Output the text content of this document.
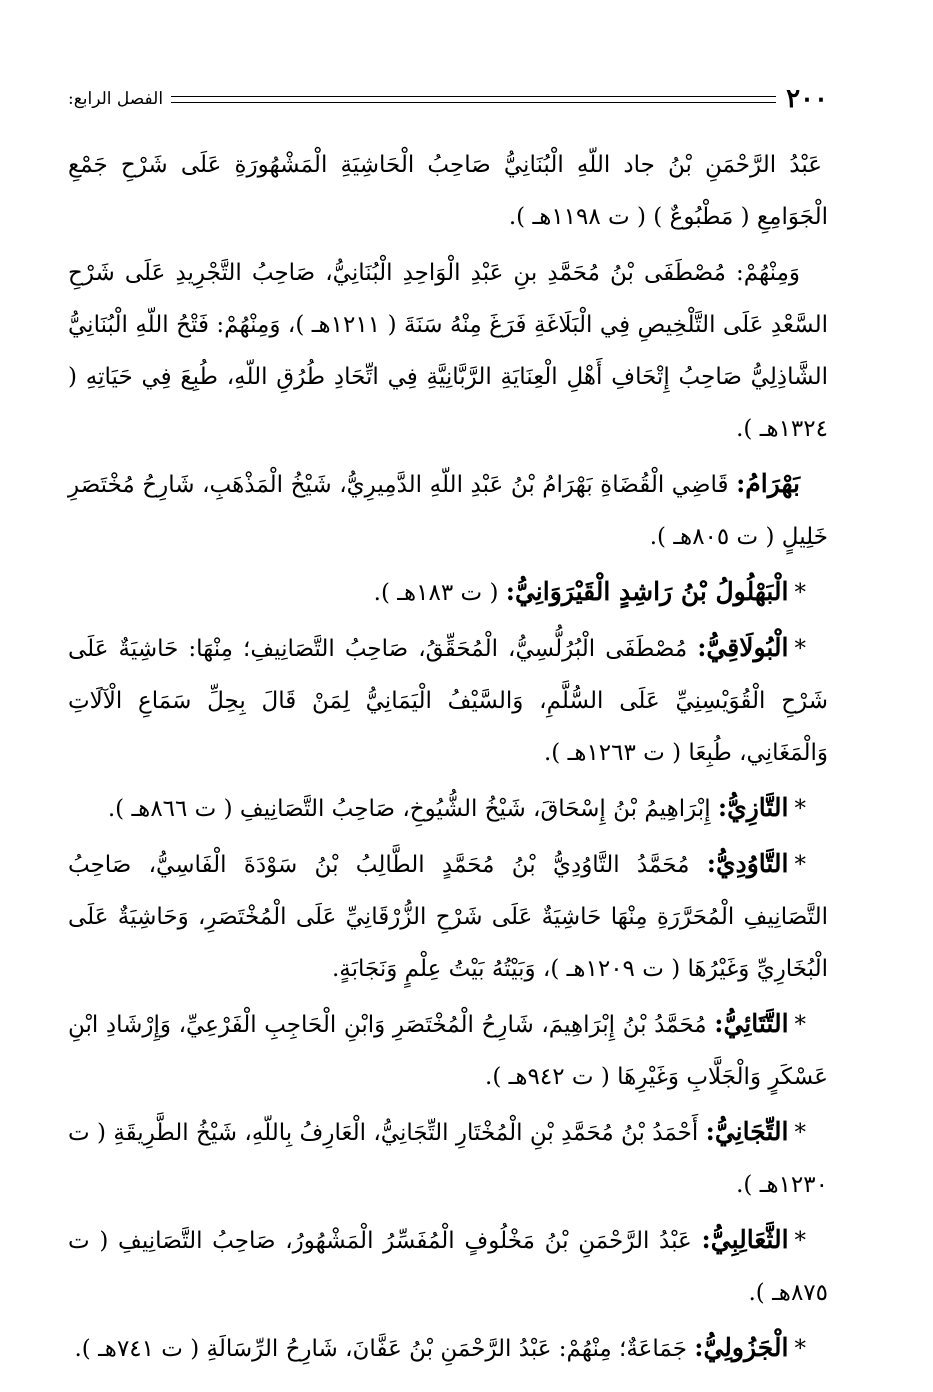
٢٠٠
الفصل الرابع:

عَبْدُ الرَّحْمَنِ بْنُ جاد اللّهِ الْبُنَانِيُّ صَاحِبُ الْحَاشِيَةِ الْمَشْهُورَةِ عَلَى شَرْحِ جَمْعِ الْجَوَامِعِ ( مَطْبُوعٌ ) ( ت ١١٩٨هـ ).

وَمِنْهُمْ: مُصْطَفَى بْنُ مُحَمَّدِ بنِ عَبْدِ الْوَاحِدِ الْبُنَانِيُّ، صَاحِبُ التَّجْرِيدِ عَلَى شَرْحِ السَّعْدِ عَلَى التَّلْخِيصِ فِي الْبَلَاغَةِ فَرَغَ مِنْهُ سَنَةَ ( ١٢١١هـ )، وَمِنْهُمْ: فَتْحُ اللّهِ الْبُنَانِيُّ الشَّاذِلِيُّ صَاحِبُ إِتْحَافِ أَهْلِ الْعِنَايَةِ الرَّبَّانِيَّةِ فِي اتِّحَادِ طُرُقِ اللّهِ، طُبِعَ فِي حَيَاتِهِ ( ١٣٢٤هـ ).

بَهْرَامُ: قَاضِي الْقُضَاةِ بَهْرَامُ بْنُ عَبْدِ اللّهِ الدَّمِيرِيُّ، شَيْخُ الْمَذْهَبِ، شَارِحُ مُخْتَصَرِ خَلِيلٍ ( ت ٨٠٥هـ ).

*الْبَهْلُولُ بْنُ رَاشِدٍ الْقَيْرَوَانِيُّ: ( ت ١٨٣هـ ).

*الْبُولَاقِيُّ: مُصْطَفَى الْبُرُلُّسِيُّ، الْمُحَقِّقُ، صَاحِبُ التَّصَانِيفِ؛ مِنْهَا: حَاشِيَةٌ عَلَى شَرْحِ الْقُوَيْسِنِيِّ عَلَى السُّلَّمِ، وَالسَّيْفُ الْيَمَانِيُّ لِمَنْ قَالَ بِحِلِّ سَمَاعِ الْآلَاتِ وَالْمَغَانِي، طُبِعَا ( ت ١٢٦٣هـ ).

*التَّازِيُّ: إِبْرَاهِيمُ بْنُ إِسْحَاقَ، شَيْخُ الشُّيُوخِ، صَاحِبُ التَّصَانِيفِ ( ت ٨٦٦هـ ).

*التَّاوُدِيُّ: مُحَمَّدُ التَّاوُدِيُّ بْنُ مُحَمَّدٍ الطَّالِبُ بْنُ سَوْدَةَ الْفَاسِيُّ، صَاحِبُ التَّصَانِيفِ الْمُحَرَّرَةِ مِنْهَا حَاشِيَةٌ عَلَى شَرْحِ الزُّرْقَانِيِّ عَلَى الْمُخْتَصَرِ، وَحَاشِيَةٌ عَلَى الْبُخَارِيِّ وَغَيْرُهَا ( ت ١٢٠٩هـ )، وَبَيْتُهُ بَيْتُ عِلْمٍ وَنَجَابَةٍ.

*التَّتَائِيُّ: مُحَمَّدُ بْنُ إِبْرَاهِيمَ، شَارِحُ الْمُخْتَصَرِ وَابْنِ الْحَاجِبِ الْفَرْعِيِّ، وَإِرْشَادِ ابْنِ عَسْكَرٍ وَالْجَلَّابِ وَغَيْرِهَا ( ت ٩٤٢هـ ).

*التِّجَانِيُّ: أَحْمَدُ بْنُ مُحَمَّدِ بْنِ الْمُخْتَارِ التِّجَانِيُّ، الْعَارِفُ بِاللّهِ، شَيْخُ الطَّرِيقَةِ ( ت ١٢٣٠هـ ).

*الثَّعَالِبِيُّ: عَبْدُ الرَّحْمَنِ بْنُ مَخْلُوفٍ الْمُفَسِّرُ الْمَشْهُورُ، صَاحِبُ التَّصَانِيفِ ( ت ٨٧٥هـ ).

*الْجَزُولِيُّ: جَمَاعَةٌ؛ مِنْهُمْ: عَبْدُ الرَّحْمَنِ بْنُ عَفَّانَ، شَارِحُ الرِّسَالَةِ ( ت ٧٤١هـ ).
